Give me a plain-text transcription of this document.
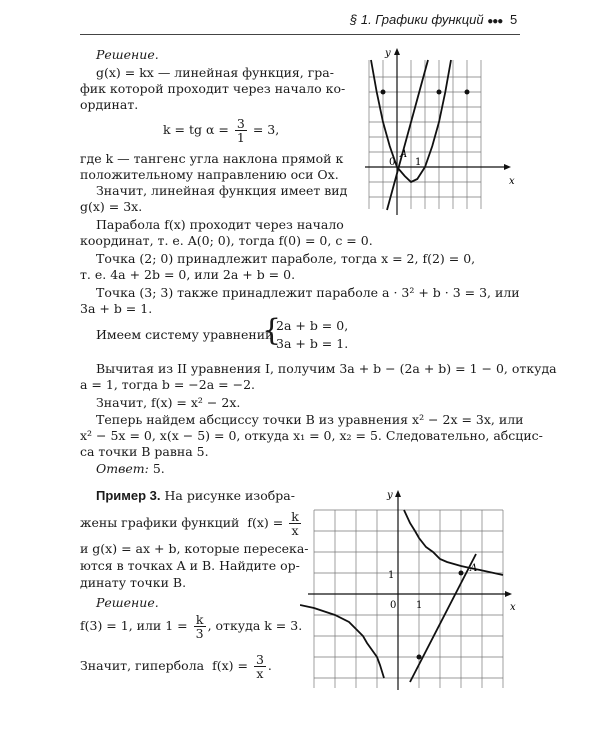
§ 1. Графики функций ●●● 5
Решение.
g(x) = kx — линейная функция, гра-
фик которой проходит через начало ко-
ординат.
k = tg $\alpha = \frac{3}{1} = 3$,
где k — тангенс угла наклона прямой к
положительному направлению оси Ox.
Значит, линейная функция имеет вид
g(x) = 3x.
Парабола f(x) проходит через начало
координат, т. е. A(0; 0), тогда f(0) = 0, c = 0.
Точка (2; 0) принадлежит параболе, тогда x = 2, f(2) = 0,
т. е. 4a + 2b = 0, или 2a + b = 0.
Точка (3; 3) также принадлежит параболе a · 3² + b · 3 = 3, или
3a + b = 1.
Имеем систему уравнений
{
2a + b = 0,
3a + b = 1.
Вычитая из II уравнения I, получим 3a + b − (2a + b) = 1 − 0, откуда
a = 1, тогда b = −2a = −2.
Значит, f(x) = x² − 2x.
Теперь найдем абсциссу точки B из уравнения x² − 2x = 3x, или
x² − 5x = 0, x(x − 5) = 0, откуда x₁ = 0, x₂ = 5. Следовательно, абсцис-
са точки B равна 5.
Ответ: 5.
Пример 3. На рисунке изобра-
жены графики функций $f(x) = \frac{k}{x}$
и g(x) = ax + b, которые пересека-
ются в точках A и B. Найдите ор-
динату точки B.
Решение.
f(3) = 1, или $1 = \frac{k}{3}$ , откуда k = 3.
Значит, гипербола $f(x) = \frac{3}{x}$ .
y
x
0 1
A
y
x
0 1
1
A
